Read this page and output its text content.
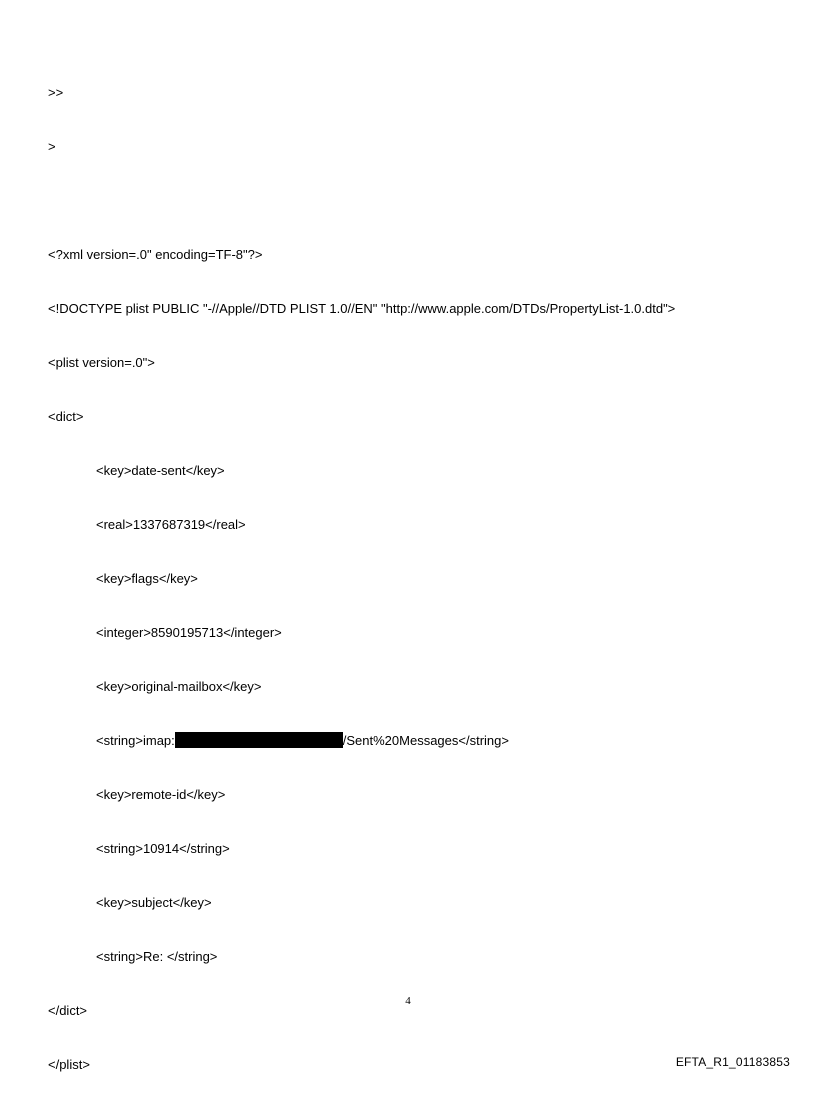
>>

>

<?xml version=.0" encoding=TF-8"?>

<!DOCTYPE plist PUBLIC "-//Apple//DTD PLIST 1.0//EN" "http://www.apple.com/DTDs/PropertyList-1.0.dtd">

<plist version=.0">

<dict>

<key>date-sent</key>

<real>1337687319</real>

<key>flags</key>

<integer>8590195713</integer>

<key>original-mailbox</key>

<string>imap:	/Sent%20Messages</string>

<key>remote-id</key>

<string>10914</string>

<key>subject</key>

<string>Re: </string>

</dict>

</plist>

4
EFTA_R1_01183853
